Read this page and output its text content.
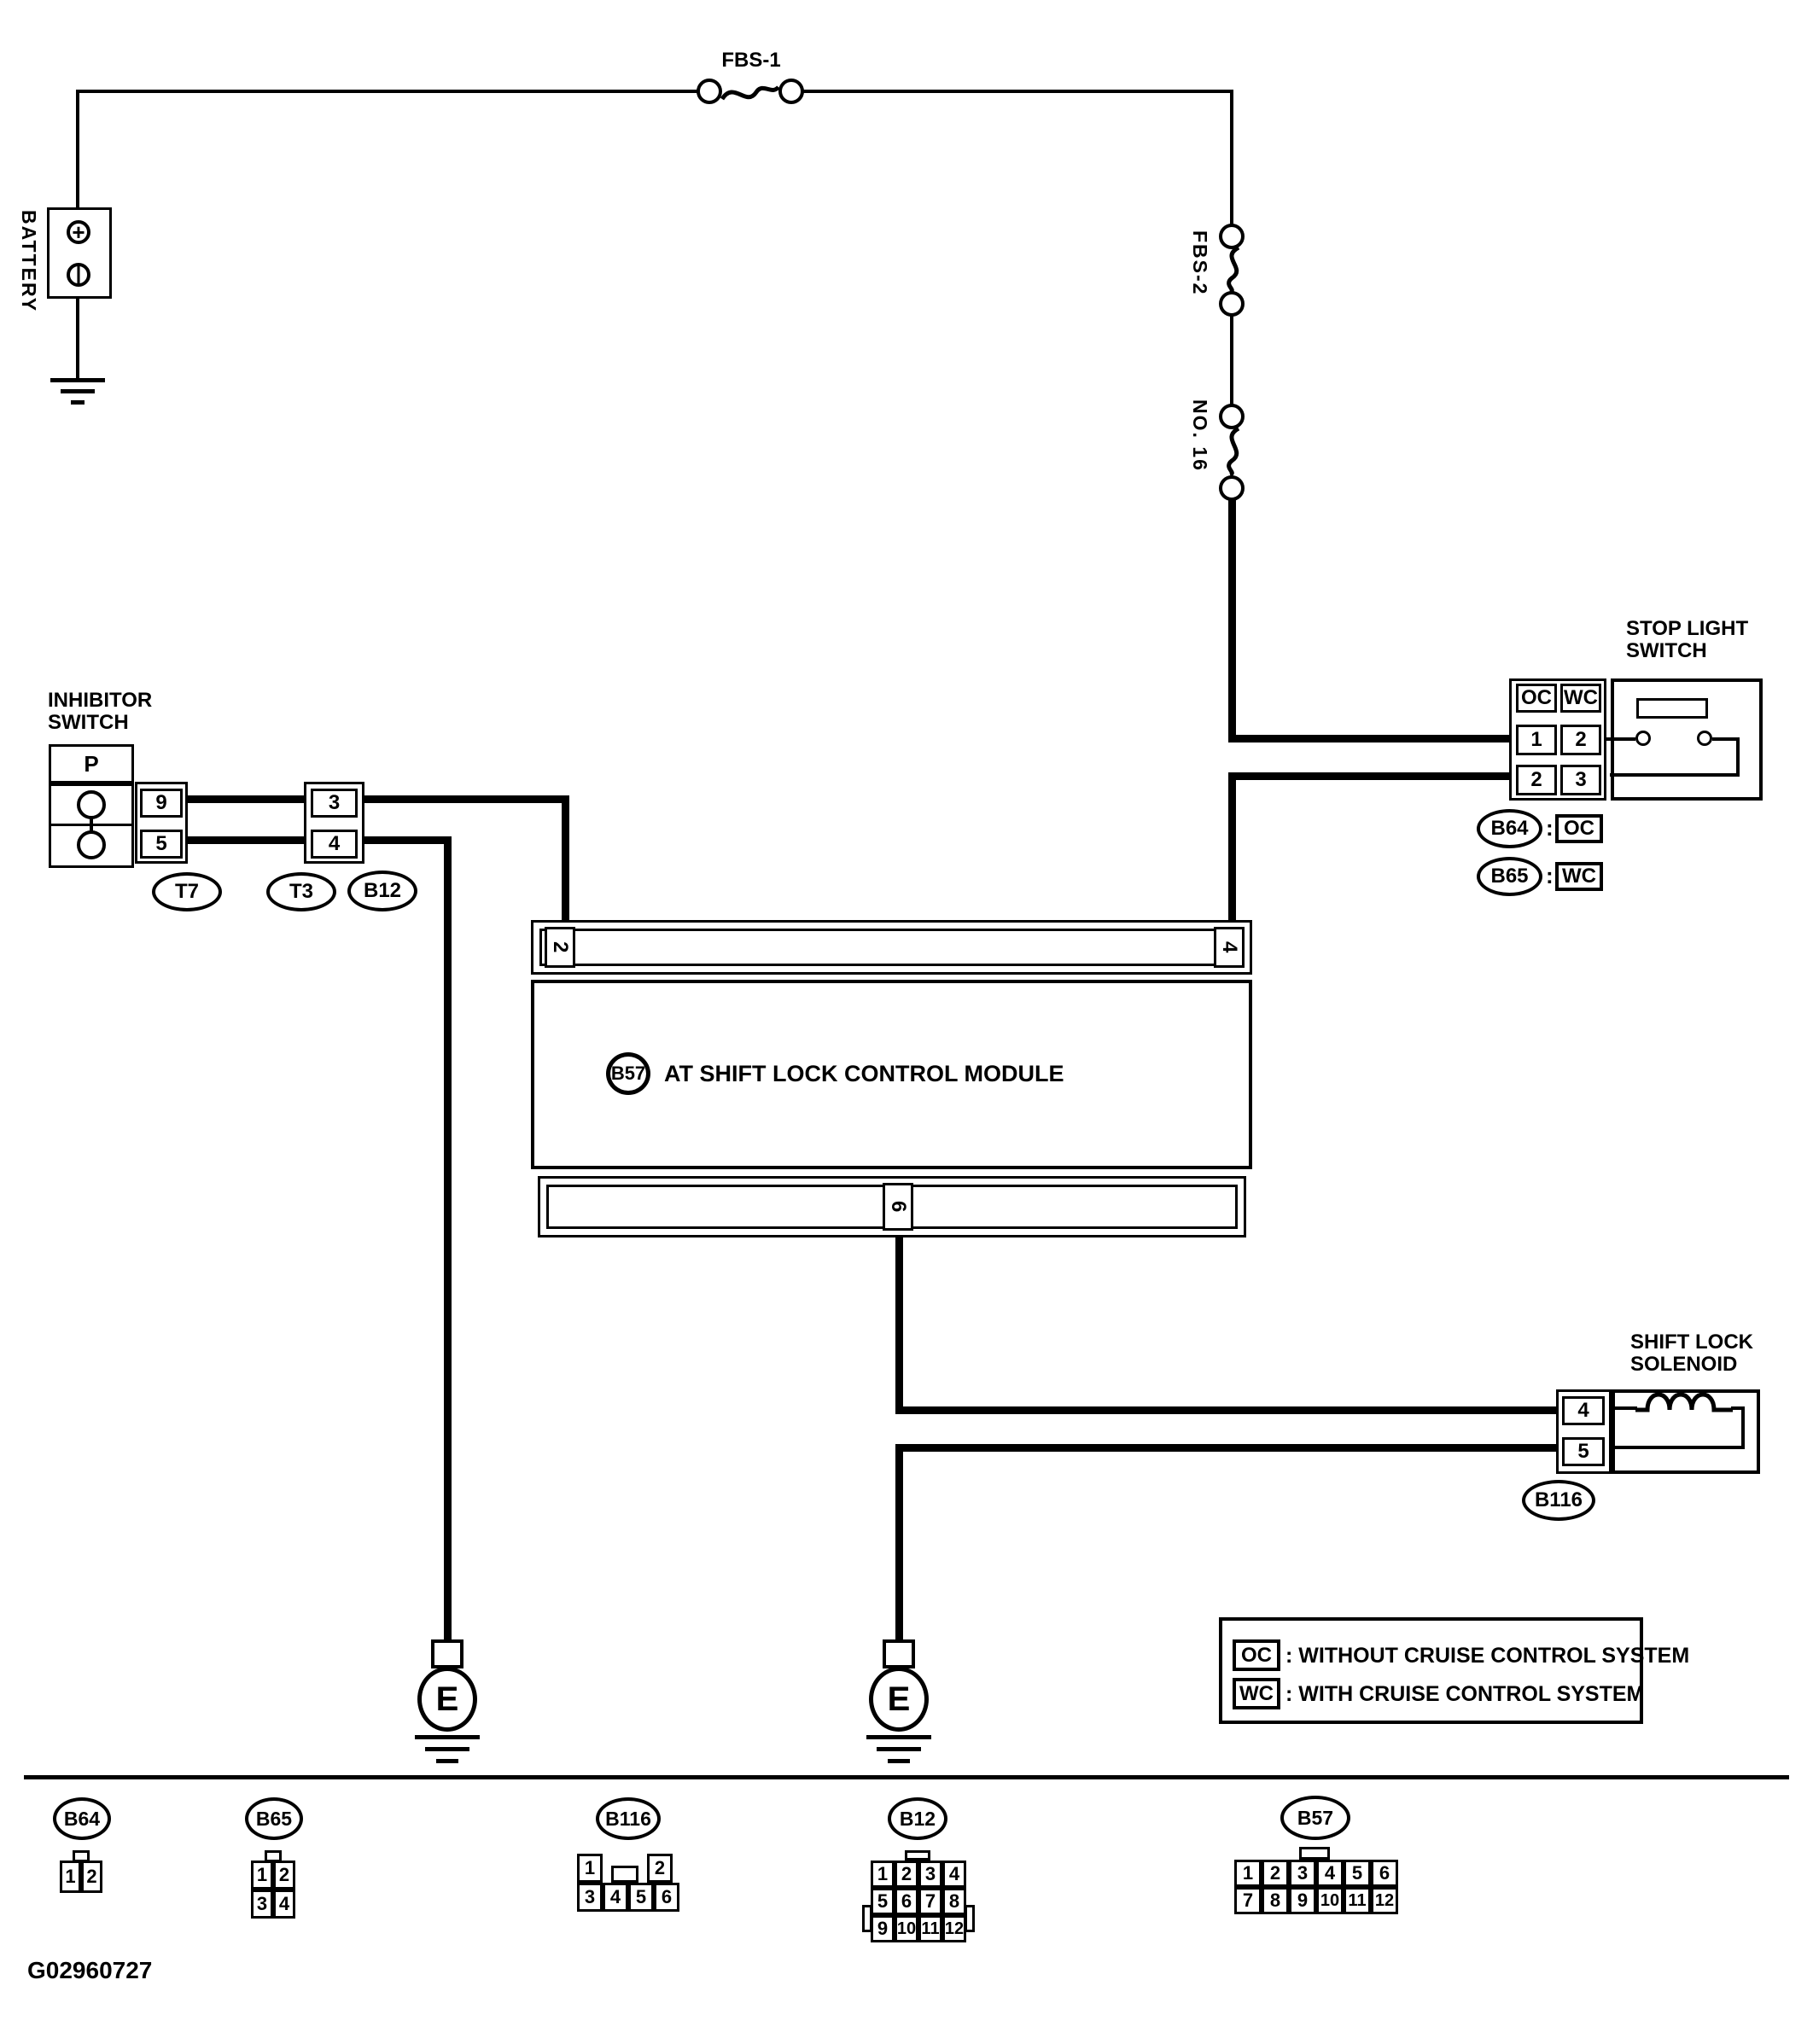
BATTERY +
|
FBS-1
FBS-2
NO. 16
INHIBITOR
SWITCH
P
9
5
T7
3
4
T3	B12
STOP LIGHT
SWITCH
OC WC
1	2
2	3
B64 : OC
B65 : WC
2	4
B57 AT SHIFT LOCK CONTROL MODULE
6
SHIFT LOCK
SOLENOID
4
5
B116
E	E
OC : WITHOUT CRUISE CONTROL SYSTEM
WC : WITH CRUISE CONTROL SYSTEM
B64
1 2
B65
1 2
3 4
B116
1	2
3 4 5 6
B12
1 2 3 4
5 6 7 8
9 10 11 12
B57
1 2 3 4 5 6
7 8 9 10 11 12
G02960727
